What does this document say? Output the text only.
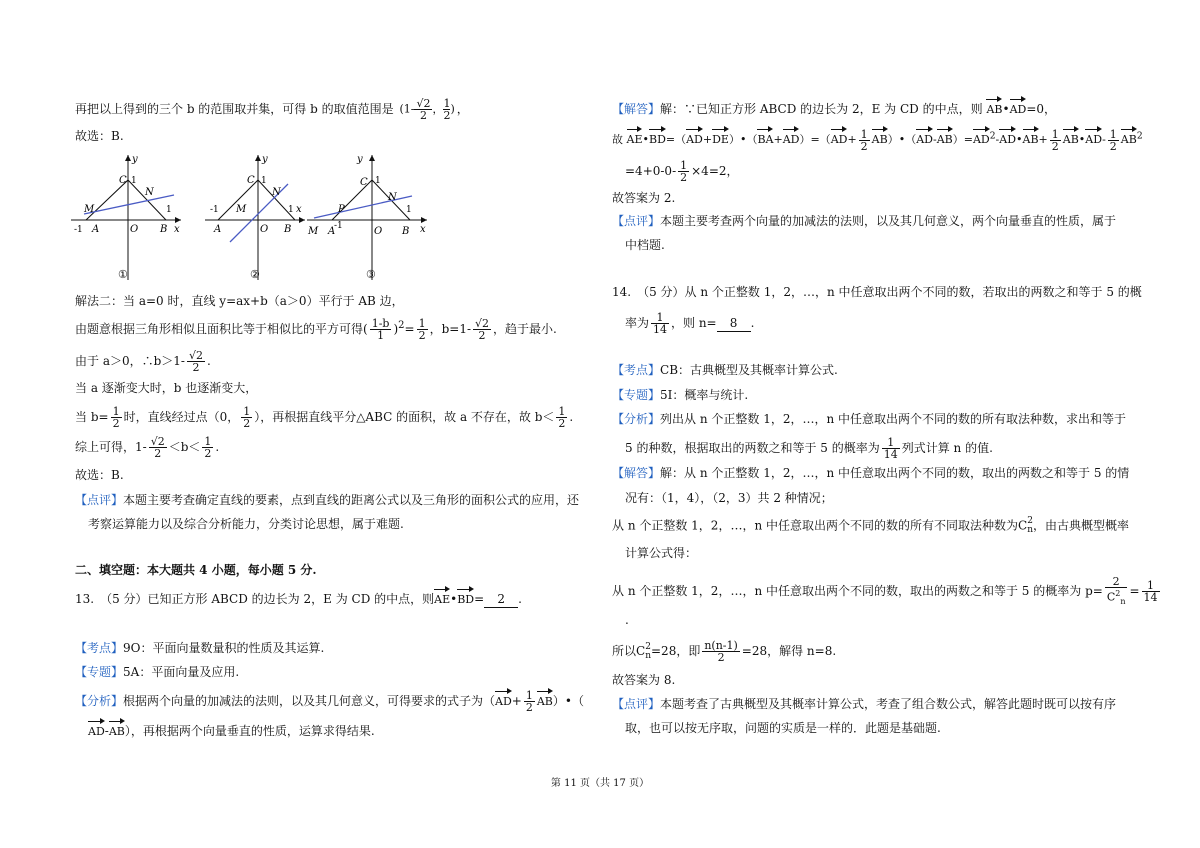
再把以上得到的三个 b 的范围取并集，可得 b 的取值范围是 ($1- \frac{√2}{2}$ ， $\frac{1}{2}$ ) ，
故选：B.
y
x
C 1
N
M
-1 A	O B
1
①
y
x
C 1
N
M
-1
A	O B
1
②
y
x
C 1
N
P
M -1
A	O B
1
③
解法二：当 a=0 时，直线 y=ax+b（a＞0）平行于 AB 边，
由题意根据三角形相似且面积比等于相似比的平方可得( $\frac{1-b}{1} )^2= \frac{1}{2}$ ，$b=1- \frac{√2}{2}$ ，趋于最小.
由于 a＞0，∴b＞1- $\frac{√2}{2}$ .
当 a 逐渐变大时，b 也逐渐变大，
当 $b= \frac{1}{2}$ 时，直线经过点（0， $\frac{1}{2}$ ），再根据直线平分△ABC 的面积，故 a 不存在，故 $b< \frac{1}{2}$ .
综上可得，$1- \frac{√2}{2} <b< \frac{1}{2}$ .
故选：B.
【点评】本题主要考查确定直线的要素，点到直线的距离公式以及三角形的面积公式的应用，还
考察运算能力以及综合分析能力，分类讨论思想，属于难题.
二、填空题：本大题共 4 小题，每小题 5 分.
13.　（5 分）已知正方形 ABCD 的边长为 2，E 为 CD 的中点，则AE•BD= 2 .
【考点】9O：平面向量数量积的性质及其运算.
【专题】5A：平面向量及应用.
【分析】根据两个向量的加减法的法则，以及其几何意义，可得要求的式子为（$AD+ \frac{1}{2}$ AB）•（
AD-AB），再根据两个向量垂直的性质，运算求得结果.
【解答】解：∵已知正方形 ABCD 的边长为 2，E 为 CD 的中点，则 AB•AD=0，
故 AE•BD=（AD+DE）•（BA+AD）=（AD+ $\frac{1}{2}$ $AB)•(AD-AB)=AD^2-AD•AB+ \frac{1}{2}$ AB•AD- $\frac{1}{2} AB^2$
$=4+0-0- \frac{1}{2} \times 4=2$，
故答案为 2.
【点评】本题主要考查两个向量的加减法的法则，以及其几何意义，两个向量垂直的性质，属于
中档题.
14.　（5 分）从 n 个正整数 1，2，…，n 中任意取出两个不同的数，若取出的两数之和等于 5 的概
率为 $\frac{1}{14}$ ，则 n= 8 .
【考点】CB：古典概型及其概率计算公式.
【专题】5I：概率与统计.
【分析】列出从 n 个正整数 1，2，…，n 中任意取出两个不同的数的所有取法种数，求出和等于
5 的种数，根据取出的两数之和等于 5 的概率为 $\frac{1}{14}$ 列式计算 n 的值.
【解答】解：从 n 个正整数 1，2，…，n 中任意取出两个不同的数，取出的两数之和等于 5 的情
况有：（1，4），（2，3）共 2 种情况；
从 n 个正整数 1，2，…，n 中任意取出两个不同的数的所有不同取法种数为C 2
n ，由古典概型概率
计算公式得：
从 n 个正整数 1，2，…，n 中任意取出两个不同的数，取出的两数之和等于 5 的概率为 $p= \frac{2}{C^2_n} = \frac{1}{14}$
.
所以C 2
n =28，即 $\frac{n(n-1)}{2} =28$，解得 n=8.
故答案为 8.
【点评】本题考查了古典概型及其概率计算公式，考查了组合数公式，解答此题时既可以按有序
取，也可以按无序取，问题的实质是一样的．此题是基础题.
第 11 页（共 17 页）
